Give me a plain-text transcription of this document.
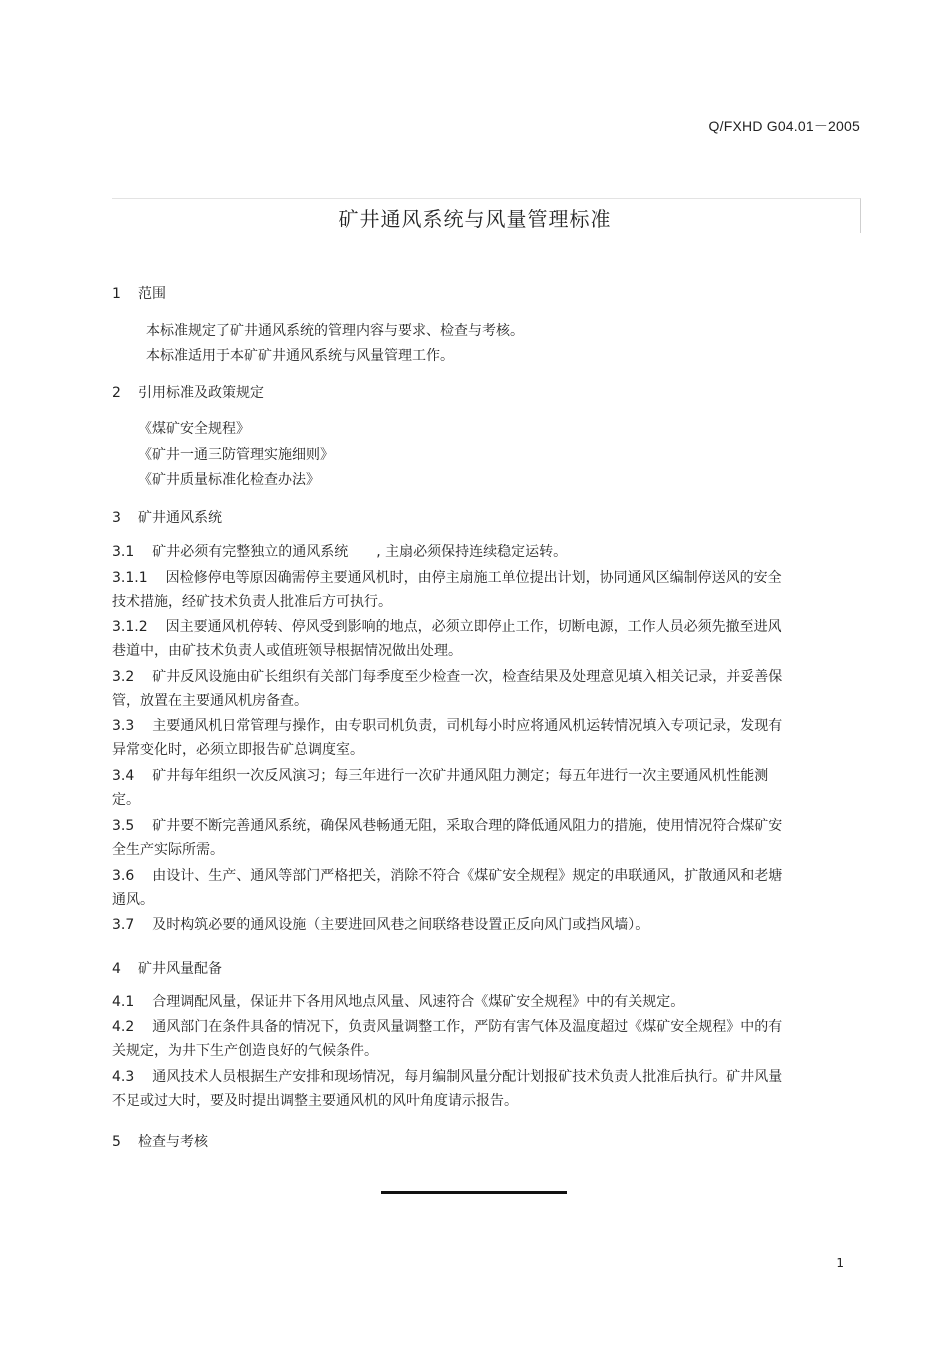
Q/FXHD G04.01－2005
矿井通风系统与风量管理标准
1 范围
本标准规定了矿井通风系统的管理内容与要求、检查与考核。
本标准适用于本矿矿井通风系统与风量管理工作。
2 引用标准及政策规定
《煤矿安全规程》
《矿井一通三防管理实施细则》
《矿井质量标准化检查办法》
3 矿井通风系统
3.1 矿井必须有完整独立的通风系统　　, 主扇必须保持连续稳定运转。
3.1.1 因检修停电等原因确需停主要通风机时，由停主扇施工单位提出计划，协同通风区编制停送风的安全技术措施，经矿技术负责人批准后方可执行。
3.1.2 因主要通风机停转、停风受到影响的地点，必须立即停止工作，切断电源，工作人员必须先撤至进风巷道中，由矿技术负责人或值班领导根据情况做出处理。
3.2 矿井反风设施由矿长组织有关部门每季度至少检查一次，检查结果及处理意见填入相关记录，并妥善保管，放置在主要通风机房备查。
3.3 主要通风机日常管理与操作，由专职司机负责，司机每小时应将通风机运转情况填入专项记录，发现有异常变化时，必须立即报告矿总调度室。
3.4 矿井每年组织一次反风演习；每三年进行一次矿井通风阻力测定；每五年进行一次主要通风机性能测定。
3.5 矿井要不断完善通风系统，确保风巷畅通无阻，采取合理的降低通风阻力的措施，使用情况符合煤矿安全生产实际所需。
3.6 由设计、生产、通风等部门严格把关，消除不符合《煤矿安全规程》规定的串联通风，扩散通风和老塘通风。
3.7 及时构筑必要的通风设施（主要进回风巷之间联络巷设置正反向风门或挡风墙）。
4 矿井风量配备
4.1 合理调配风量，保证井下各用风地点风量、风速符合《煤矿安全规程》中的有关规定。
4.2 通风部门在条件具备的情况下，负责风量调整工作，严防有害气体及温度超过《煤矿安全规程》中的有关规定，为井下生产创造良好的气候条件。
4.3 通风技术人员根据生产安排和现场情况，每月编制风量分配计划报矿技术负责人批准后执行。矿井风量不足或过大时，要及时提出调整主要通风机的风叶角度请示报告。
5 检查与考核
1
